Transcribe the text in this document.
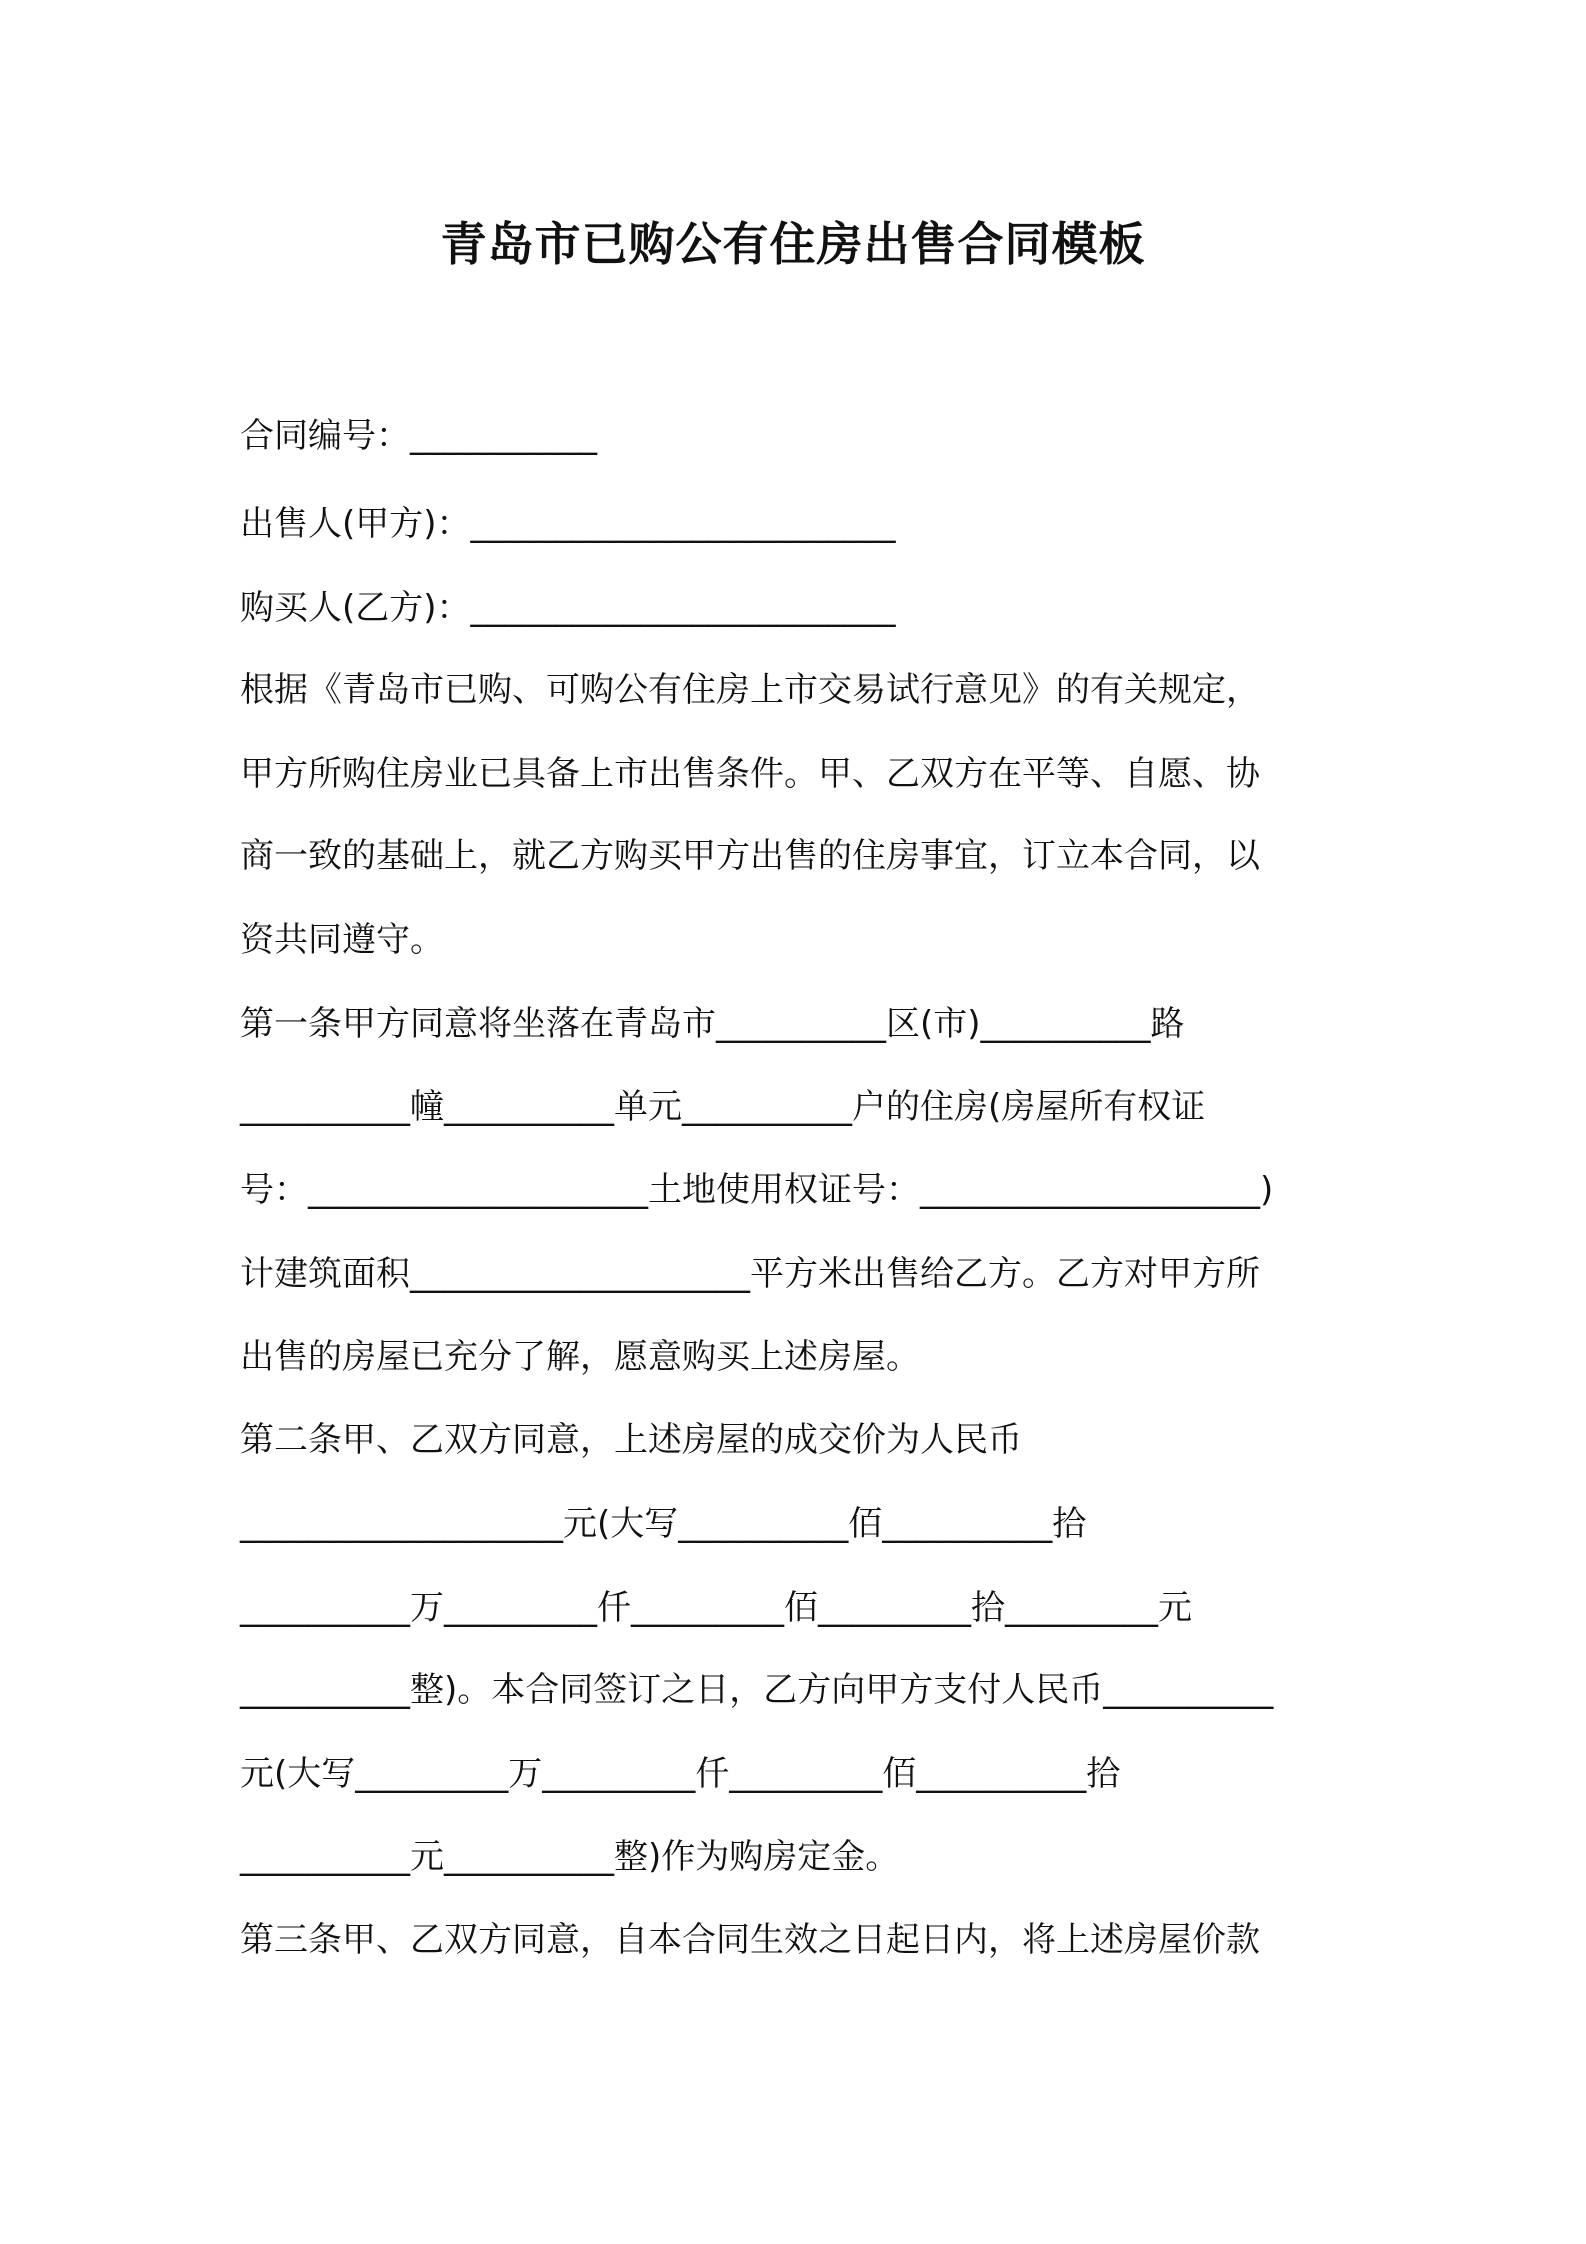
青岛市已购公有住房出售合同模板
合同编号：___________
出售人(甲方)：_________________________
购买人(乙方)：_________________________
根据《青岛市已购、可购公有住房上市交易试行意见》的有关规定，
甲方所购住房业已具备上市出售条件。甲、乙双方在平等、自愿、协
商一致的基础上，就乙方购买甲方出售的住房事宜，订立本合同，以
资共同遵守。
第一条甲方同意将坐落在青岛市__________区(市)__________路
__________幢__________单元__________户的住房(房屋所有权证
号：____________________土地使用权证号：____________________)
计建筑面积____________________平方米出售给乙方。乙方对甲方所
出售的房屋已充分了解，愿意购买上述房屋。
第二条甲、乙双方同意，上述房屋的成交价为人民币
___________________元(大写__________佰__________拾
__________万_________仟_________佰_________拾_________元
__________整)。本合同签订之日，乙方向甲方支付人民币__________
元(大写_________万_________仟_________佰__________拾
__________元__________整)作为购房定金。
第三条甲、乙双方同意，自本合同生效之日起日内，将上述房屋价款
